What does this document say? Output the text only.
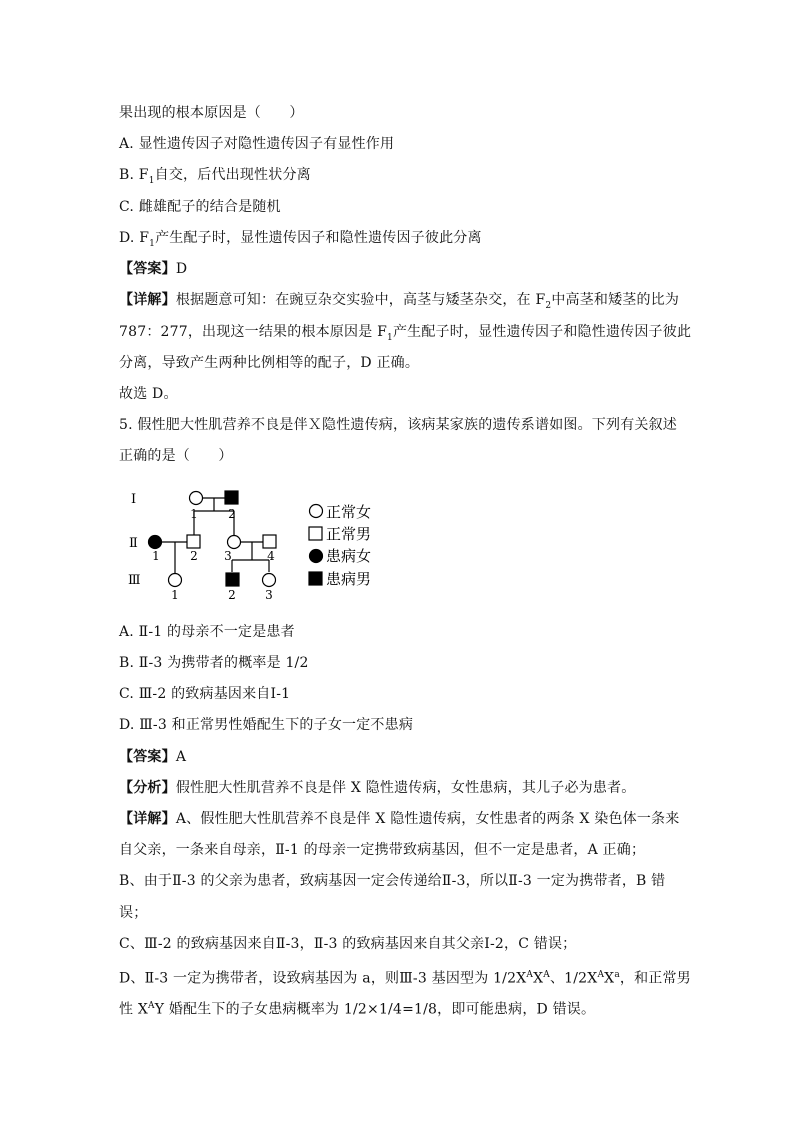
果出现的根本原因是（　　）
A. 显性遗传因子对隐性遗传因子有显性作用
B. $F_1$自交，后代出现性状分离
C. 雌雄配子的结合是随机
D. $F_1$产生配子时，显性遗传因子和隐性遗传因子彼此分离
【答案】D
【详解】根据题意可知：在豌豆杂交实验中，高茎与矮茎杂交，在 $F_2$中高茎和矮茎的比为
787：277，出现这一结果的根本原因是 $F_1$产生配子时，显性遗传因子和隐性遗传因子彼此
分离，导致产生两种比例相等的配子，D 正确。
故选 D。
5. 假性肥大性肌营养不良是伴Ｘ隐性遗传病，该病某家族的遗传系谱如图。下列有关叙述
正确的是（　　）
Ⅰ
Ⅱ
Ⅲ
1	2
1	2 3	4
1	2 3
正常女
正常男
患病女
患病男
A. Ⅱ-1 的母亲不一定是患者
B. Ⅱ-3 为携带者的概率是 1/2
C. Ⅲ-2 的致病基因来自Ⅰ-1
D. Ⅲ-3 和正常男性婚配生下的子女一定不患病
【答案】A
【分析】假性肥大性肌营养不良是伴 X 隐性遗传病，女性患病，其儿子必为患者。
【详解】A、假性肥大性肌营养不良是伴 X 隐性遗传病，女性患者的两条 X 染色体一条来
自父亲，一条来自母亲，Ⅱ-1 的母亲一定携带致病基因，但不一定是患者，A 正确；
B、由于Ⅱ-3 的父亲为患者，致病基因一定会传递给Ⅱ-3，所以Ⅱ-3 一定为携带者，B 错
误；
C、Ⅲ-2 的致病基因来自Ⅱ-3，Ⅱ-3 的致病基因来自其父亲Ⅰ-2，C 错误；
D、Ⅱ-3 一定为携带者，设致病基因为 a，则Ⅲ-3 基因型为 $1/2X^AX^A$、$1/2X^AX^a$，和正常男
性 $X^AY$ 婚配生下的子女患病概率为 1/2×1/4=1/8，即可能患病，D 错误。
